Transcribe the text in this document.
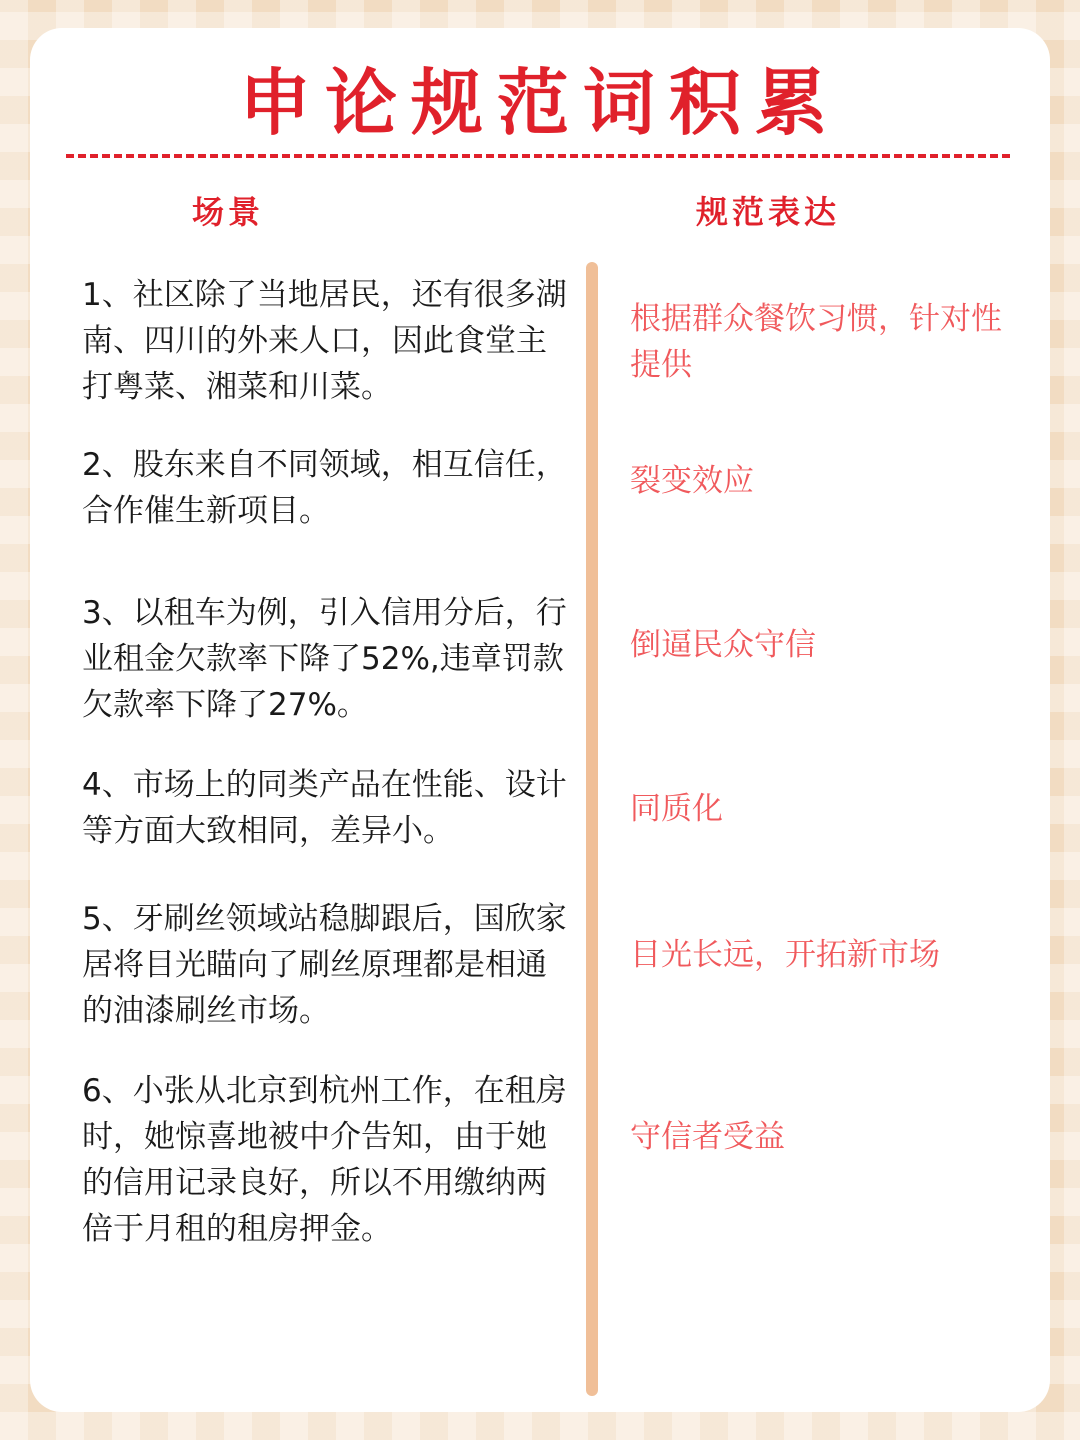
申论规范词积累
场景	规范表达
1、社区除了当地居民，还有很多湖南、四川的外来人口，因此食堂主打粤菜、湘菜和川菜。
根据群众餐饮习惯，针对性提供
2、股东来自不同领域，相互信任，合作催生新项目。
裂变效应
3、以租车为例，引入信用分后，行业租金欠款率下降了52%,违章罚款欠款率下降了27%。
倒逼民众守信
4、市场上的同类产品在性能、设计等方面大致相同，差异小。
同质化
5、牙刷丝领域站稳脚跟后，国欣家居将目光瞄向了刷丝原理都是相通的油漆刷丝市场。
目光长远，开拓新市场
6、小张从北京到杭州工作，在租房时，她惊喜地被中介告知，由于她的信用记录良好，所以不用缴纳两倍于月租的租房押金。
守信者受益
